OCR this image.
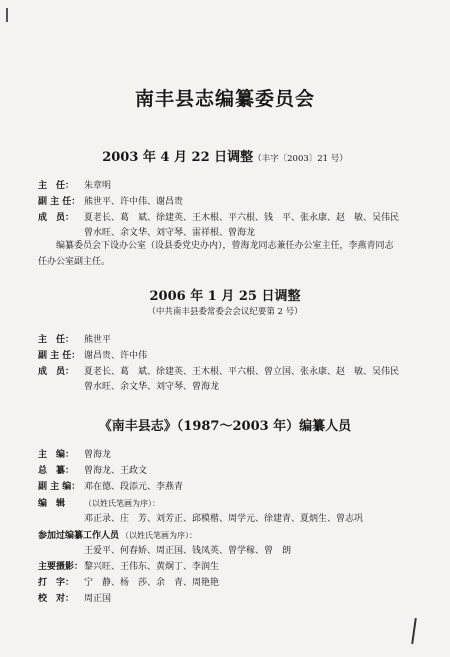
南丰县志编纂委员会
2003 年 4 月 22 日调整（丰字〔2003〕21 号）
主　任： 朱章明
副 主 任： 熊世平、许中伟、谢昌贵
成　员： 夏老长、葛　斌、徐建英、王木根、平六根、钱　平、张永康、赵　敏、吴伟民
曾水旺、余文华、刘守琴、雷祥根、曾海龙
编纂委员会下设办公室（设县委党史办内），曾海龙同志兼任办公室主任，李燕青同志
任办公室副主任。
2006 年 1 月 25 日调整
（中共南丰县委常委会会议纪要第 2 号）
主　任： 熊世平
副 主 任： 谢昌贵、许中伟
成　员： 夏老长、葛　斌、徐建英、王木根、平六根、曾立国、张永康、赵　敏、吴伟民
曾水旺、余文华、刘守琴、曾海龙
《南丰县志》（1987～2003 年）编纂人员
主　编： 曾海龙
总　纂： 曾海龙、王政文
副 主 编： 邓在德、段添元、李燕青
编　辑 （以姓氏笔画为序）：
邓正录、庄　芳、刘芳正、邱模楷、周学元、徐建青、夏炳生、曾志巩
参加过编纂工作人员 （以姓氏笔画为序）：
王爱平、何春娇、周正国、钱凤英、曾学稼、曾　朗
主要摄影：黎兴旺、王伟东、黄炯丁、李润生
打　字： 宁　静、杨　莎、余　青、周艳艳
校　对： 周正国
